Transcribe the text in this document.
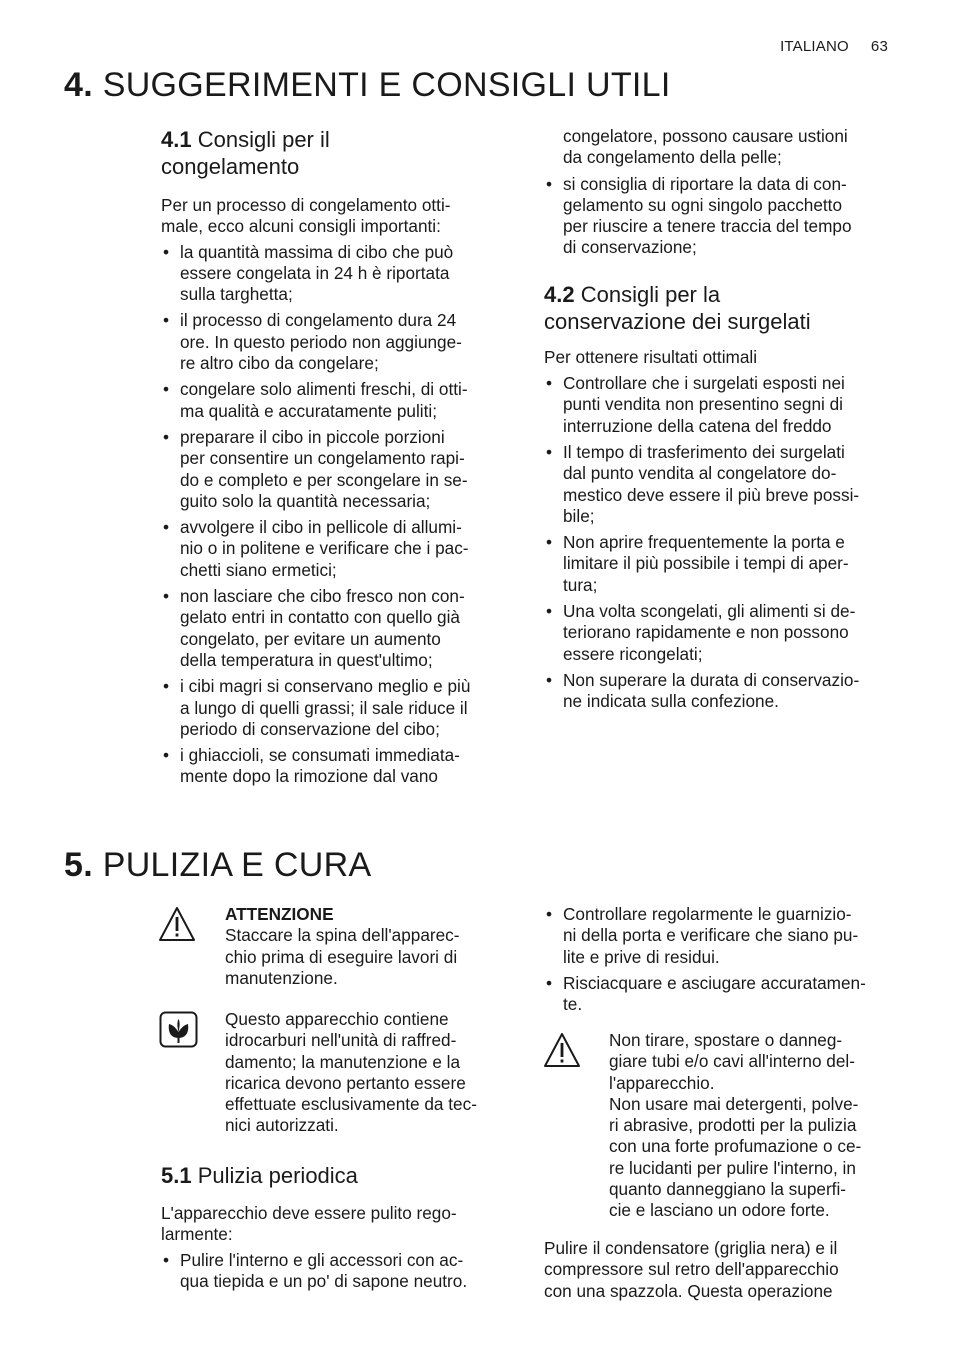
ITALIANO 63
4. SUGGERIMENTI E CONSIGLI UTILI
4.1 Consigli per il
congelamento

Per un processo di congelamento otti-
male, ecco alcuni consigli importanti:

• la quantità massima di cibo che può
essere congelata in 24 h è riportata
sulla targhetta;
• il processo di congelamento dura 24
ore. In questo periodo non aggiunge-
re altro cibo da congelare;
• congelare solo alimenti freschi, di otti-
ma qualità e accuratamente puliti;
• preparare il cibo in piccole porzioni
per consentire un congelamento rapi-
do e completo e per scongelare in se-
guito solo la quantità necessaria;
• avvolgere il cibo in pellicole di allumi-
nio o in politene e verificare che i pac-
chetti siano ermetici;
• non lasciare che cibo fresco non con-
gelato entri in contatto con quello già
congelato, per evitare un aumento
della temperatura in quest'ultimo;
• i cibi magri si conservano meglio e più
a lungo di quelli grassi; il sale riduce il
periodo di conservazione del cibo;
• i ghiaccioli, se consumati immediata-
mente dopo la rimozione dal vano

congelatore, possono causare ustioni
da congelamento della pelle;

• si consiglia di riportare la data di con-
gelamento su ogni singolo pacchetto
per riuscire a tenere traccia del tempo
di conservazione;
4.2 Consigli per la
conservazione dei surgelati

Per ottenere risultati ottimali

• Controllare che i surgelati esposti nei
punti vendita non presentino segni di
interruzione della catena del freddo
• Il tempo di trasferimento dei surgelati
dal punto vendita al congelatore do-
mestico deve essere il più breve possi-
bile;
• Non aprire frequentemente la porta e
limitare il più possibile i tempi di aper-
tura;
• Una volta scongelati, gli alimenti si de-
teriorano rapidamente e non possono
essere ricongelati;
• Non superare la durata di conservazio-
ne indicata sulla confezione.
5. PULIZIA E CURA
ATTENZIONE
Staccare la spina dell'apparec-
chio prima di eseguire lavori di
manutenzione.
Questo apparecchio contiene
idrocarburi nell'unità di raffred-
damento; la manutenzione e la
ricarica devono pertanto essere
effettuate esclusivamente da tec-
nici autorizzati.
5.1 Pulizia periodica

L'apparecchio deve essere pulito rego-
larmente:

• Pulire l'interno e gli accessori con ac-
qua tiepida e un po' di sapone neutro.
• Controllare regolarmente le guarnizio-
ni della porta e verificare che siano pu-
lite e prive di residui.
• Risciacquare e asciugare accuratamen-
te.
Non tirare, spostare o danneg-
giare tubi e/o cavi all'interno del-
l'apparecchio.
Non usare mai detergenti, polve-
ri abrasive, prodotti per la pulizia
con una forte profumazione o ce-
re lucidanti per pulire l'interno, in
quanto danneggiano la superfi-
cie e lasciano un odore forte.
Pulire il condensatore (griglia nera) e il
compressore sul retro dell'apparecchio
con una spazzola. Questa operazione
